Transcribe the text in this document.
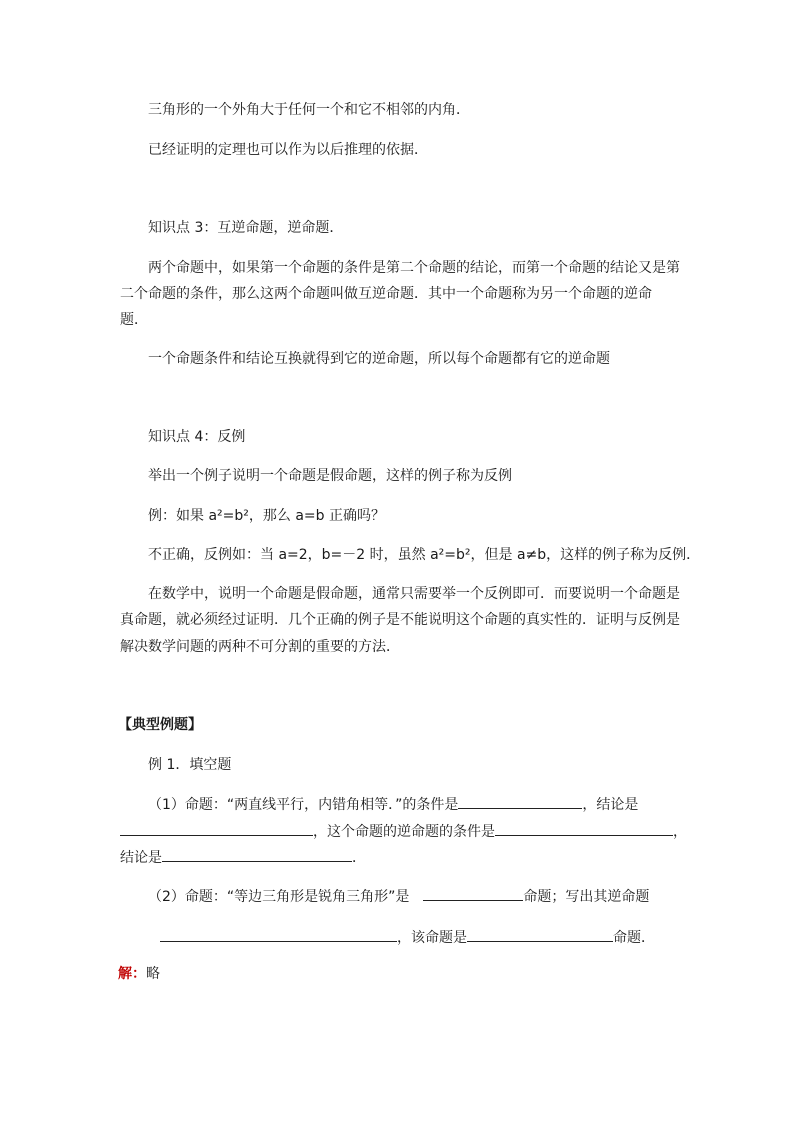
三角形的一个外角大于任何一个和它不相邻的内角．
已经证明的定理也可以作为以后推理的依据．
知识点 3：互逆命题，逆命题．
两个命题中，如果第一个命题的条件是第二个命题的结论，而第一个命题的结论又是第
二个命题的条件，那么这两个命题叫做互逆命题．其中一个命题称为另一个命题的逆命
题．
一个命题条件和结论互换就得到它的逆命题，所以每个命题都有它的逆命题
知识点 4：反例
举出一个例子说明一个命题是假命题，这样的例子称为反例
例：如果 a²=b²，那么 a=b 正确吗？
不正确，反例如：当 a=2，b=－2 时，虽然 a²=b²，但是 a≠b，这样的例子称为反例．
在数学中，说明一个命题是假命题，通常只需要举一个反例即可．而要说明一个命题是
真命题，就必须经过证明．几个正确的例子是不能说明这个命题的真实性的．证明与反例是
解决数学问题的两种不可分割的重要的方法．
【典型例题】
例 1．填空题
（1）命题：“两直线平行，内错角相等．”的条件是	，结论是
，这个命题的逆命题的条件是	，
结论是	．
（2）命题：“等边三角形是锐角三角形”是	命题；写出其逆命题
，该命题是	命题．
解：略
